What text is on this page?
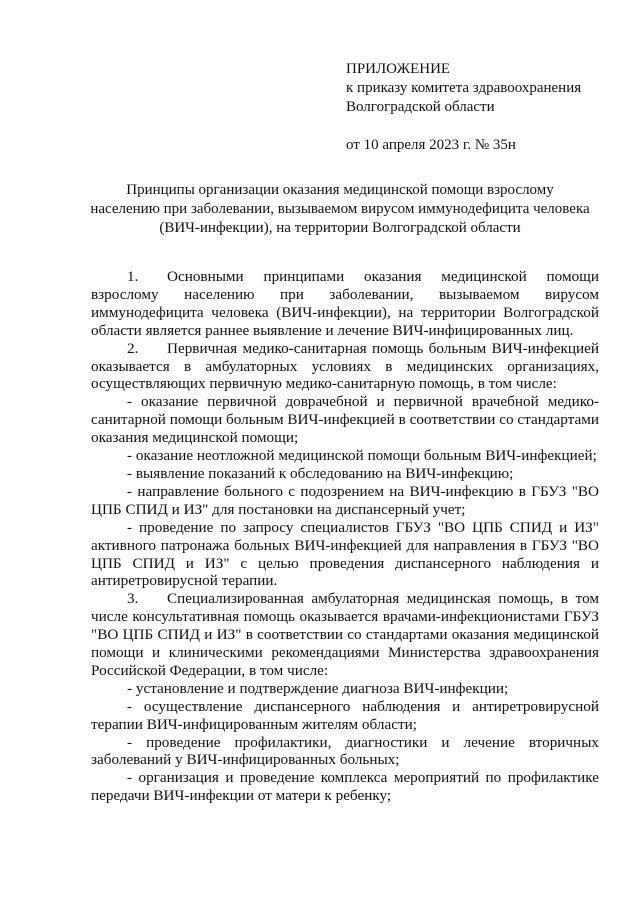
ПРИЛОЖЕНИЕ
к приказу комитета здравоохранения
Волгоградской области
от 10 апреля 2023 г. № 35н
Принципы организации оказания медицинской помощи взрослому
населению при заболевании, вызываемом вирусом иммунодефицита человека
(ВИЧ-инфекции), на территории Волгоградской области

1. Основными принципами оказания медицинской помощи взрослому населению при заболевании, вызываемом вирусом иммунодефицита человека (ВИЧ-инфекции), на территории Волгоградской области является раннее выявление и лечение ВИЧ-инфицированных лиц.

2. Первичная медико-санитарная помощь больным ВИЧ-инфекцией оказывается в амбулаторных условиях в медицинских организациях, осуществляющих первичную медико-санитарную помощь, в том числе:

- оказание первичной доврачебной и первичной врачебной медико-санитарной помощи больным ВИЧ-инфекцией в соответствии со стандартами оказания медицинской помощи;

- оказание неотложной медицинской помощи больным ВИЧ-инфекцией;

- выявление показаний к обследованию на ВИЧ-инфекцию;

- направление больного с подозрением на ВИЧ-инфекцию в ГБУЗ "ВО ЦПБ СПИД и ИЗ" для постановки на диспансерный учет;

- проведение по запросу специалистов ГБУЗ "ВО ЦПБ СПИД и ИЗ" активного патронажа больных ВИЧ-инфекцией для направления в ГБУЗ "ВО ЦПБ СПИД и ИЗ" с целью проведения диспансерного наблюдения и антиретровирусной терапии.

3. Специализированная амбулаторная медицинская помощь, в том числе консультативная помощь оказывается врачами-инфекционистами ГБУЗ "ВО ЦПБ СПИД и ИЗ" в соответствии со стандартами оказания медицинской помощи и клиническими рекомендациями Министерства здравоохранения Российской Федерации, в том числе:

- установление и подтверждение диагноза ВИЧ-инфекции;

- осуществление диспансерного наблюдения и антиретровирусной терапии ВИЧ-инфицированным жителям области;

- проведение профилактики, диагностики и лечение вторичных заболеваний у ВИЧ-инфицированных больных;

- организация и проведение комплекса мероприятий по профилактике передачи ВИЧ-инфекции от матери к ребенку;
